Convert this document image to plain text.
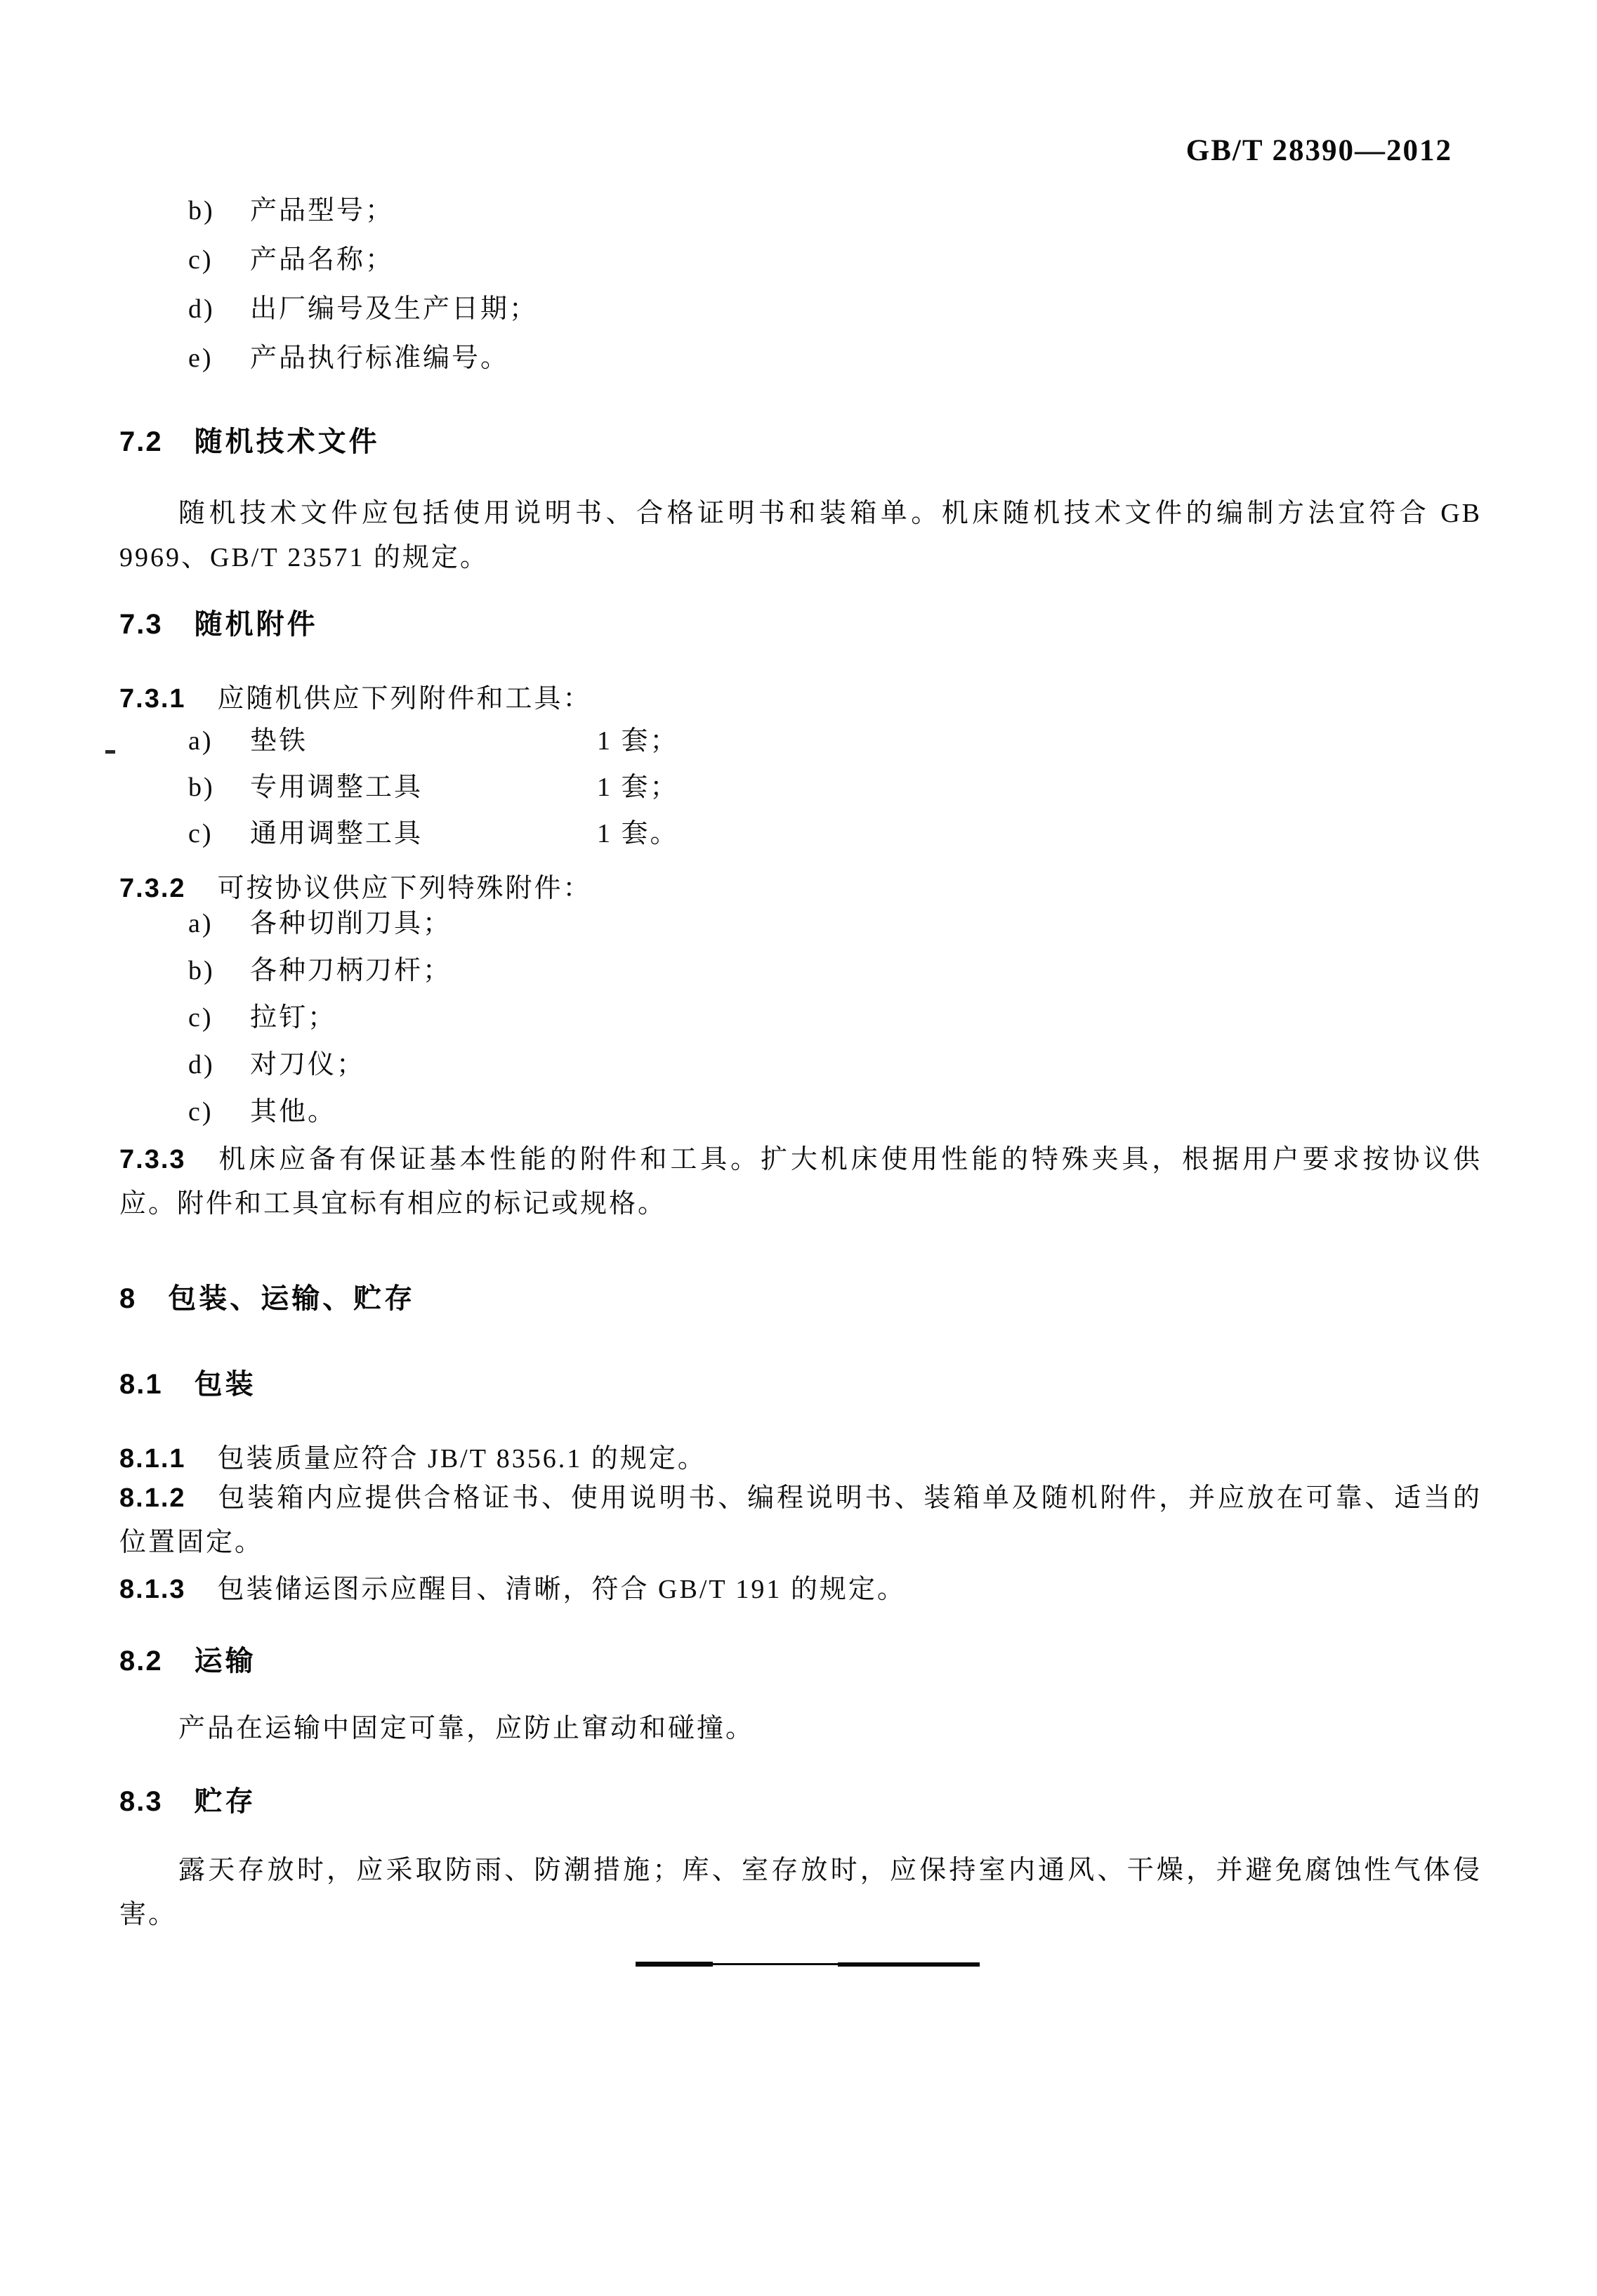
GB/T 28390—2012
b)	产品型号；
c)	产品名称；
d)	出厂编号及生产日期；
e)	产品执行标准编号。
7.2 随机技术文件
随机技术文件应包括使用说明书、合格证明书和装箱单。机床随机技术文件的编制方法宜符合 GB 9969、GB/T 23571 的规定。
7.3 随机附件
7.3.1 应随机供应下列附件和工具：
a)	垫铁	1 套；
b)	专用调整工具	1 套；
c)	通用调整工具	1 套。
7.3.2 可按协议供应下列特殊附件：
a)	各种切削刀具；
b)	各种刀柄刀杆；
c)	拉钉；
d)	对刀仪；
c)	其他。
7.3.3 机床应备有保证基本性能的附件和工具。扩大机床使用性能的特殊夹具，根据用户要求按协议供应。附件和工具宜标有相应的标记或规格。
8 包装、运输、贮存
8.1 包装
8.1.1 包装质量应符合 JB/T 8356.1 的规定。
8.1.2 包装箱内应提供合格证书、使用说明书、编程说明书、装箱单及随机附件，并应放在可靠、适当的位置固定。
8.1.3 包装储运图示应醒目、清晰，符合 GB/T 191 的规定。
8.2 运输
产品在运输中固定可靠，应防止窜动和碰撞。
8.3 贮存
露天存放时，应采取防雨、防潮措施；库、室存放时，应保持室内通风、干燥，并避免腐蚀性气体侵害。
